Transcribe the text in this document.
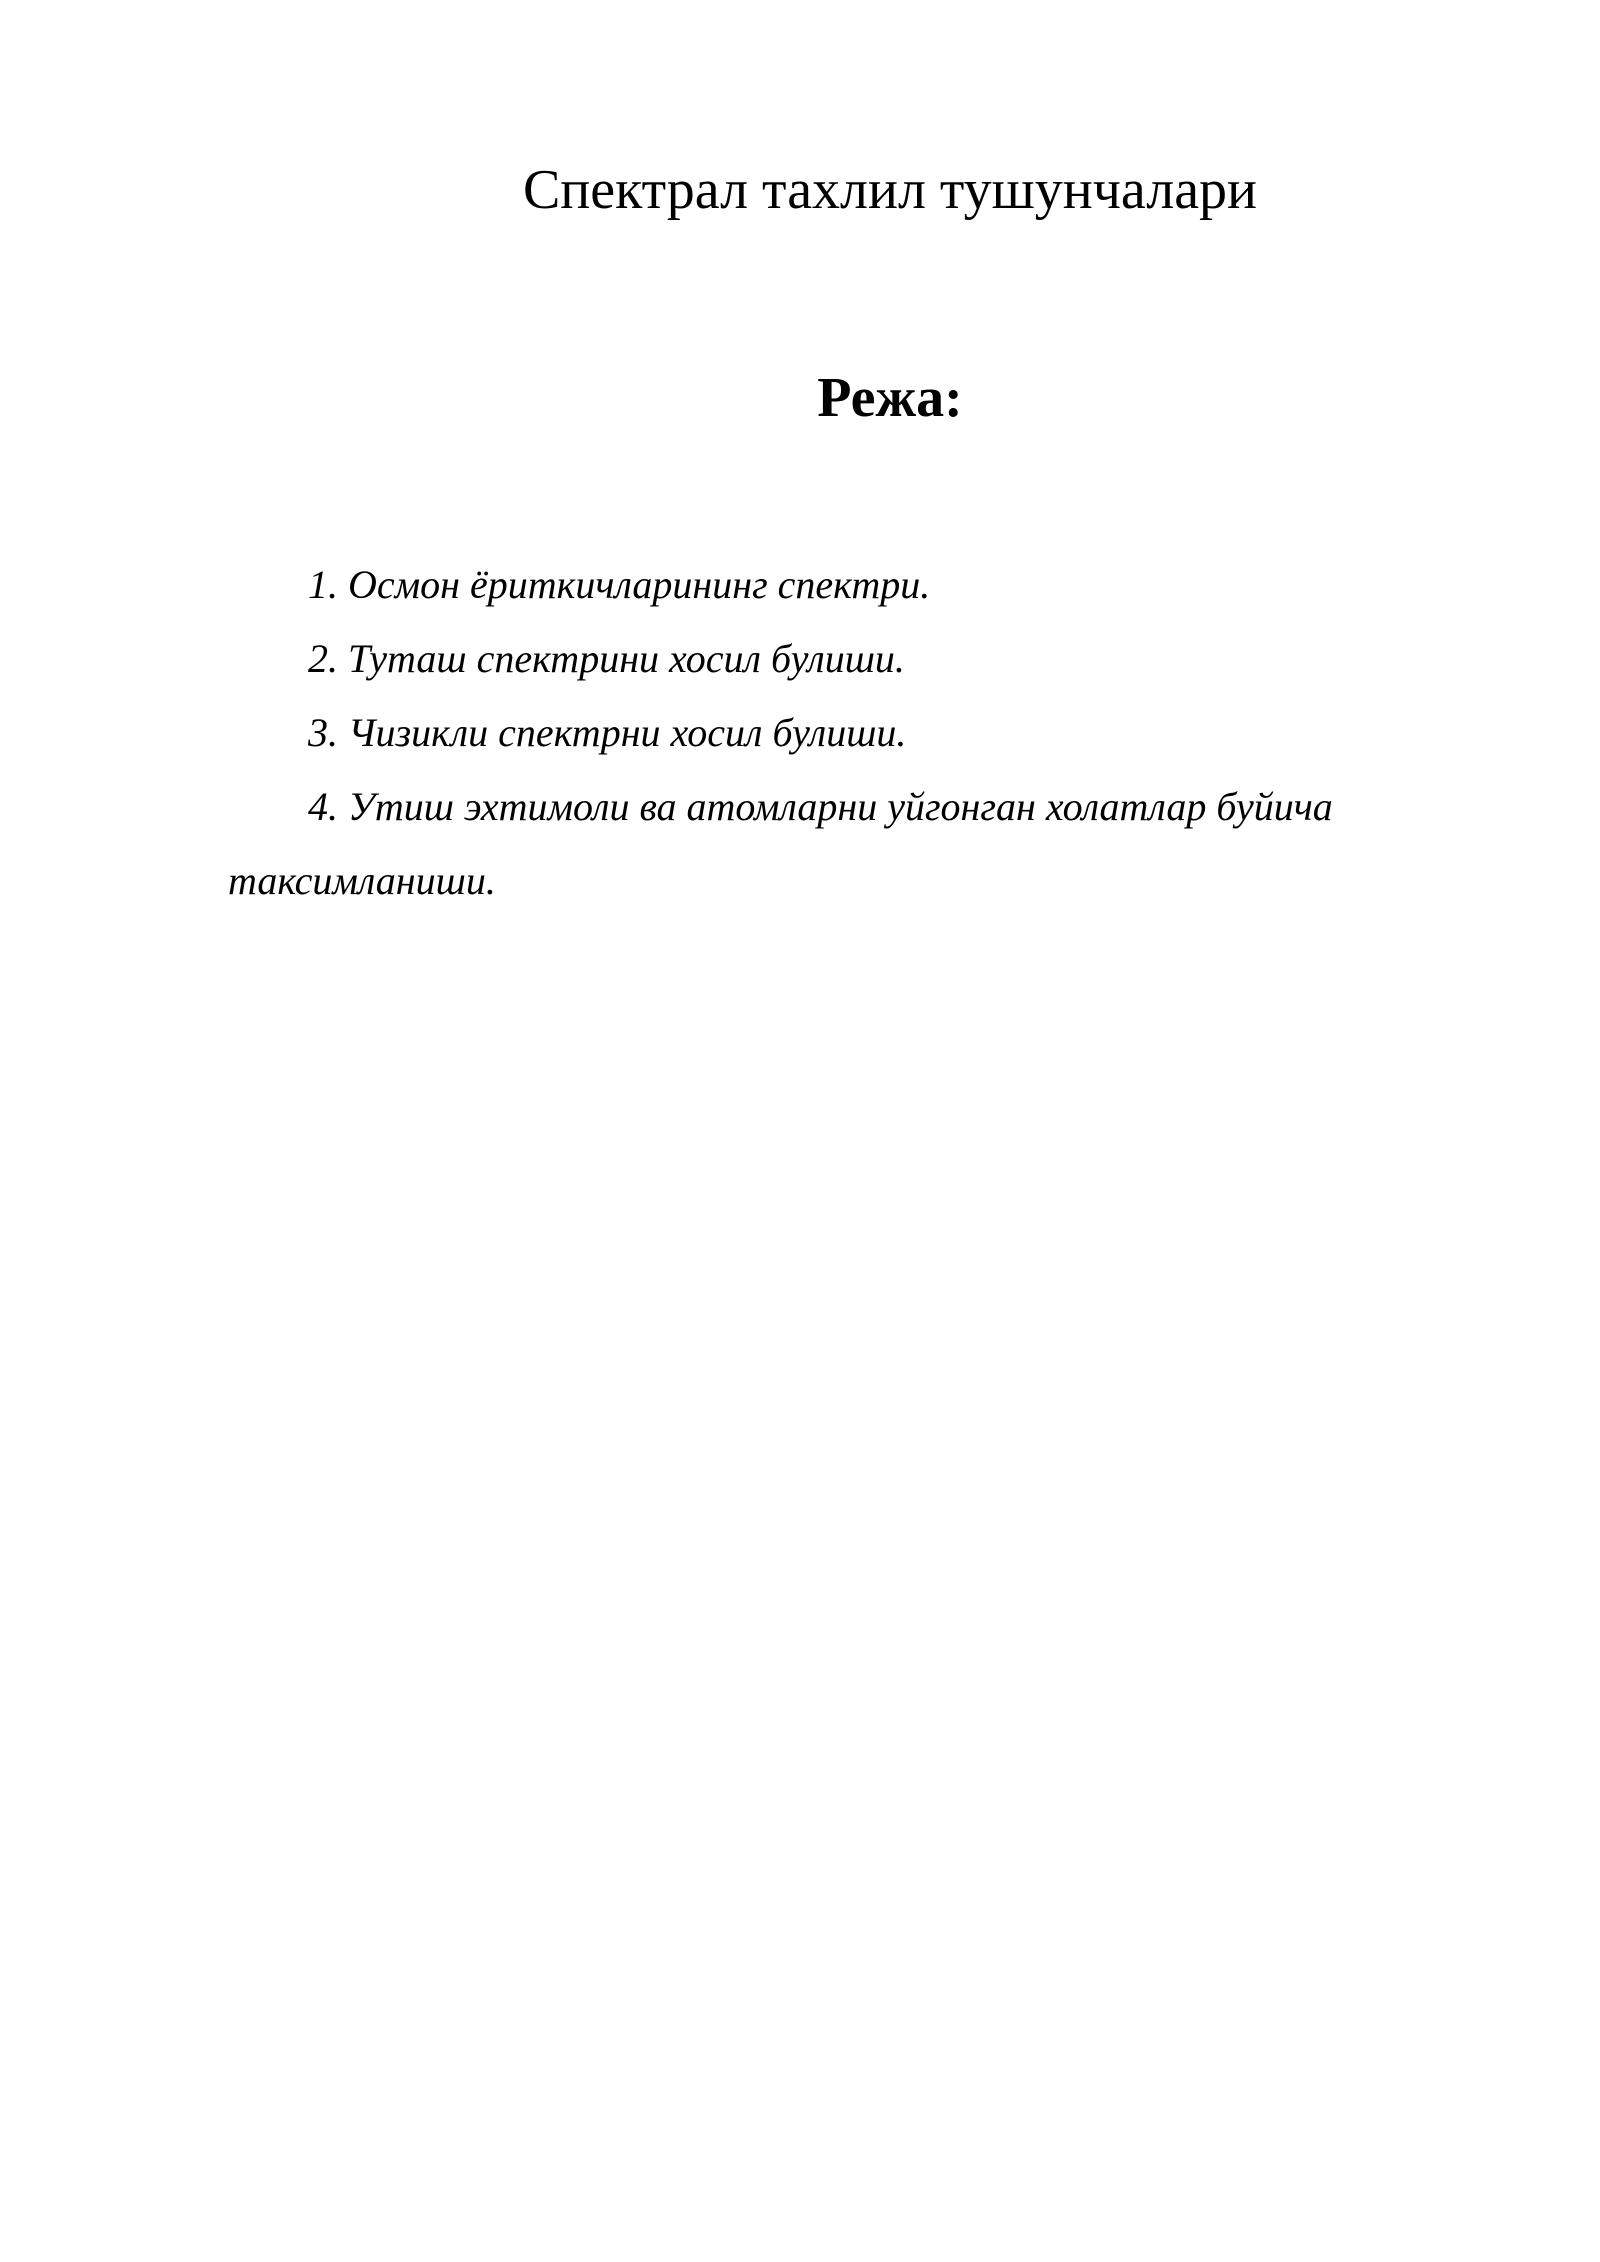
Спектрал тахлил тушунчалари
Режа:
1. Осмон ёриткичларининг спектри.
2. Туташ спектрини хосил булиши.
3. Чизикли спектрни хосил булиши.
4. Утиш эхтимоли ва атомларни уйгонган холатлар буйича таксимланиши.
